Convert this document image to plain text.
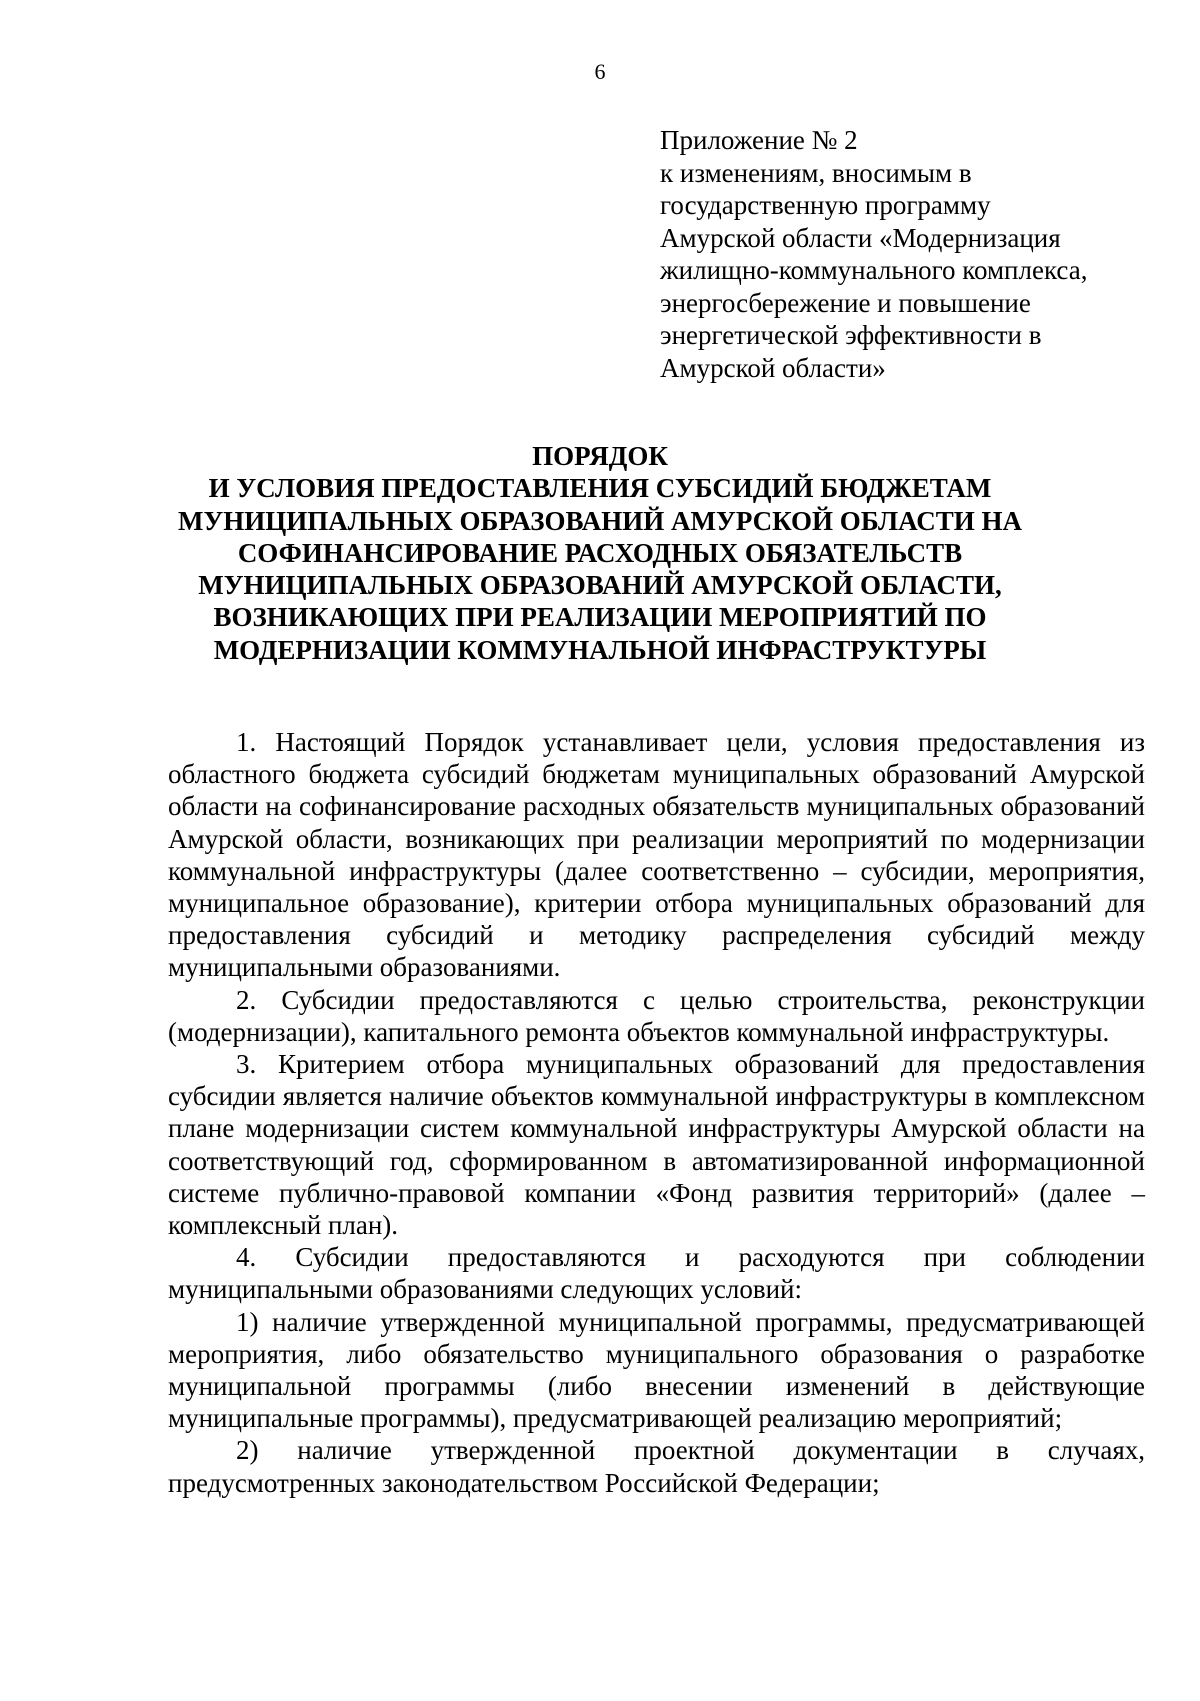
6
Приложение № 2
к изменениям, вносимым в
государственную программу
Амурской области «Модернизация
жилищно-коммунального комплекса,
энергосбережение и повышение
энергетической эффективности в
Амурской области»
ПОРЯДОК
И УСЛОВИЯ ПРЕДОСТАВЛЕНИЯ СУБСИДИЙ БЮДЖЕТАМ
МУНИЦИПАЛЬНЫХ ОБРАЗОВАНИЙ АМУРСКОЙ ОБЛАСТИ НА
СОФИНАНСИРОВАНИЕ РАСХОДНЫХ ОБЯЗАТЕЛЬСТВ
МУНИЦИПАЛЬНЫХ ОБРАЗОВАНИЙ АМУРСКОЙ ОБЛАСТИ,
ВОЗНИКАЮЩИХ ПРИ РЕАЛИЗАЦИИ МЕРОПРИЯТИЙ ПО
МОДЕРНИЗАЦИИ КОММУНАЛЬНОЙ ИНФРАСТРУКТУРЫ

1. Настоящий Порядок устанавливает цели, условия предоставления из областного бюджета субсидий бюджетам муниципальных образований Амурской области на софинансирование расходных обязательств муниципальных образований Амурской области, возникающих при реализации мероприятий по модернизации коммунальной инфраструктуры (далее соответственно – субсидии, мероприятия, муниципальное образование), критерии отбора муниципальных образований для предоставления субсидий и методику распределения субсидий между муниципальными образованиями.

2. Субсидии предоставляются с целью строительства, реконструкции (модернизации), капитального ремонта объектов коммунальной инфраструктуры.

3. Критерием отбора муниципальных образований для предоставления субсидии является наличие объектов коммунальной инфраструктуры в комплексном плане модернизации систем коммунальной инфраструктуры Амурской области на соответствующий год, сформированном в автоматизированной информационной системе публично-правовой компании «Фонд развития территорий» (далее – комплексный план).

4. Субсидии предоставляются и расходуются при соблюдении муниципальными образованиями следующих условий:

1) наличие утвержденной муниципальной программы, предусматривающей мероприятия, либо обязательство муниципального образования о разработке муниципальной программы (либо внесении изменений в действующие муниципальные программы), предусматривающей реализацию мероприятий;

2) наличие утвержденной проектной документации в случаях, предусмотренных законодательством Российской Федерации;
